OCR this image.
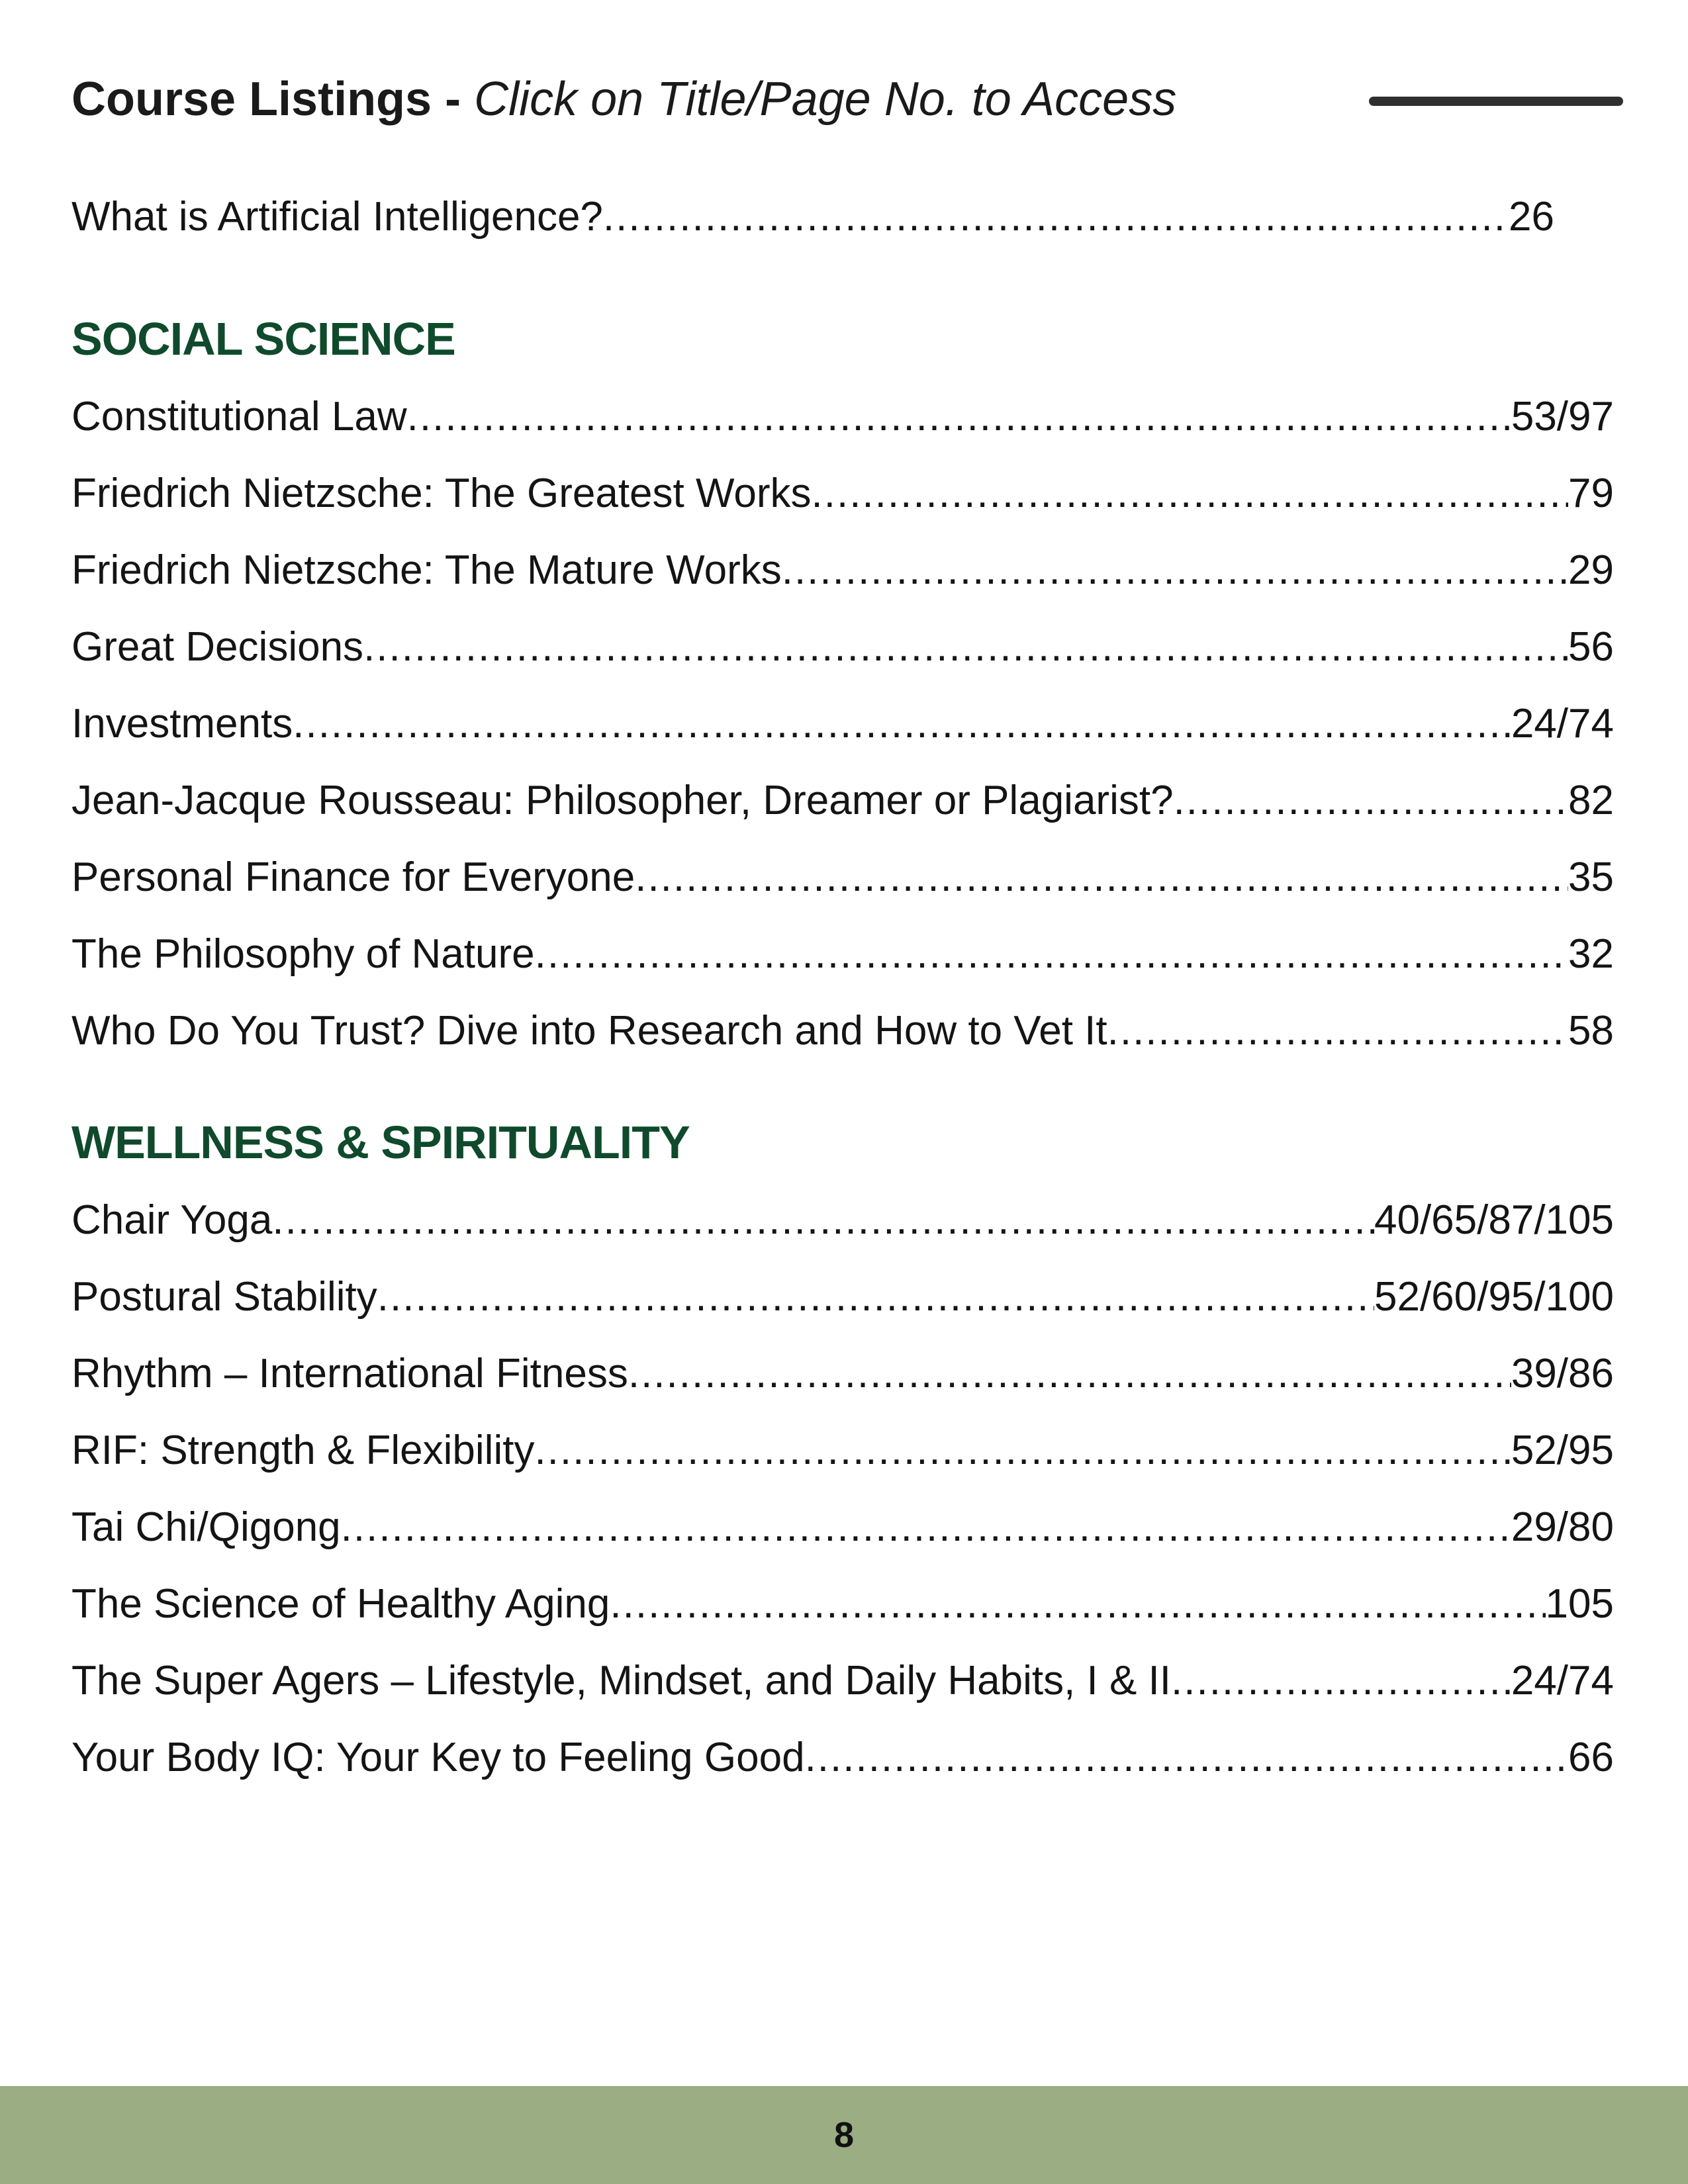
Course Listings - Click on Title/Page No. to Access
What is Artificial Intelligence? .....	26
SOCIAL SCIENCE
Constitutional Law .....	53/97
Friedrich Nietzsche: The Greatest Works .....	79
Friedrich Nietzsche: The Mature Works .....	29
Great Decisions .....	56
Investments .....	24/74
Jean-Jacque Rousseau: Philosopher, Dreamer or Plagiarist? .....	82
Personal Finance for Everyone .....	35
The Philosophy of Nature .....	32
Who Do You Trust? Dive into Research and How to Vet It .....	58
WELLNESS & SPIRITUALITY
Chair Yoga .....	40/65/87/105
Postural Stability .....	52/60/95/100
Rhythm – International Fitness .....	39/86
RIF: Strength & Flexibility .....	52/95
Tai Chi/Qigong .....	29/80
The Science of Healthy Aging .....	105
The Super Agers – Lifestyle, Mindset, and Daily Habits, I & II .....	24/74
Your Body IQ: Your Key to Feeling Good .....	66
8
